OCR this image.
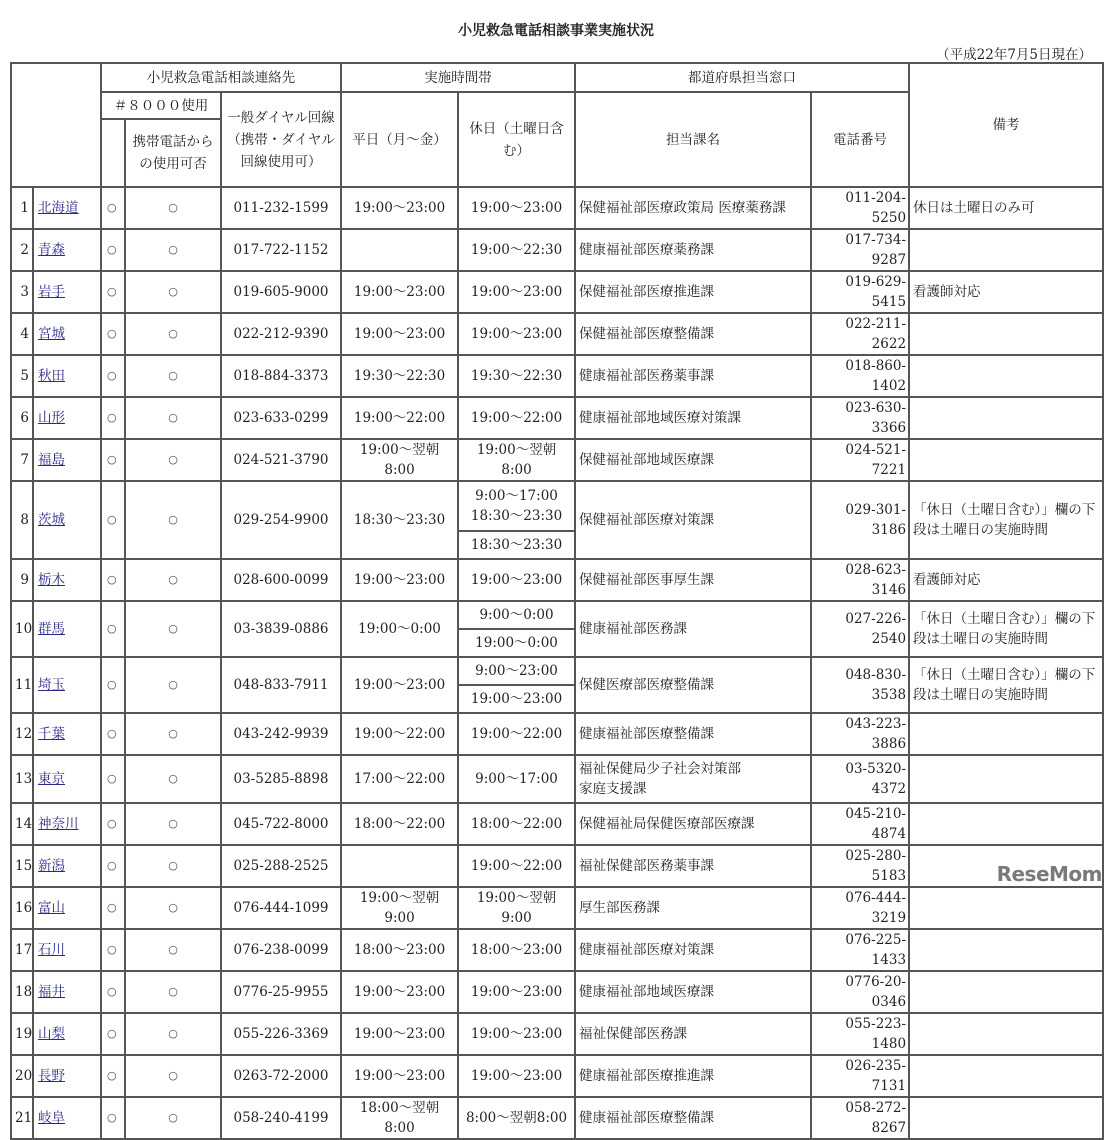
小児救急電話相談事業実施状況
（平成22年7月5日現在）
		小児救急電話相談連絡先			実施時間帯		都道府県担当窓口		備考
		＃８０００使用		一般ダイヤル回線（携帯・ダイヤル回線使用可）	平日（月～金）	休日（土曜日含む）	担当課名	電話番号	
			携帯電話からの使用可否						
1	北海道	○	○	011-232-1599	19:00～23:00	19:00～23:00	保健福祉部医療政策局 医療薬務課	011-204-5250	休日は土曜日のみ可
2	青森	○	○	017-722-1152		19:00～22:30	健康福祉部医療薬務課	017-734-9287	
3	岩手	○	○	019-605-9000	19:00～23:00	19:00～23:00	保健福祉部医療推進課	019-629-5415	看護師対応
4	宮城	○	○	022-212-9390	19:00～23:00	19:00～23:00	保健福祉部医療整備課	022-211-2622	
5	秋田	○	○	018-884-3373	19:30～22:30	19:30～22:30	健康福祉部医務薬事課	018-860-1402	
6	山形	○	○	023-633-0299	19:00～22:00	19:00～22:00	健康福祉部地域医療対策課	023-630-3366	
7	福島	○	○	024-521-3790	19:00～翌朝8:00	19:00～翌朝8:00	保健福祉部地域医療課	024-521-7221	
8	茨城	○	○	029-254-9900	18:30～23:30	9:00～17:00
18:30～23:30
18:30～23:30	保健福祉部医療対策課	029-301-3186	「休日（土曜日含む）」欄の下段は土曜日の実施時間
9	栃木	○	○	028-600-0099	19:00～23:00	19:00～23:00	保健福祉部医事厚生課	028-623-3146	看護師対応
10	群馬	○	○	03-3839-0886	19:00～0:00	9:00～0:00
19:00～0:00	健康福祉部医務課	027-226-2540	「休日（土曜日含む）」欄の下段は土曜日の実施時間
11	埼玉	○	○	048-833-7911	19:00～23:00	9:00～23:00
19:00～23:00	保健医療部医療整備課	048-830-3538	「休日（土曜日含む）」欄の下段は土曜日の実施時間
12	千葉	○	○	043-242-9939	19:00～22:00	19:00～22:00	健康福祉部医療整備課	043-223-3886	
13	東京	○	○	03-5285-8898	17:00～22:00	9:00～17:00	福祉保健局少子社会対策部
家庭支援課	03-5320-4372	
14	神奈川	○	○	045-722-8000	18:00～22:00	18:00～22:00	保健福祉局保健医療部医療課	045-210-4874	
15	新潟	○	○	025-288-2525		19:00～22:00	福祉保健部医務薬事課	025-280-5183	
16	富山	○	○	076-444-1099	19:00～翌朝9:00	19:00～翌朝9:00	厚生部医務課	076-444-3219	
17	石川	○	○	076-238-0099	18:00～23:00	18:00～23:00	健康福祉部医療対策課	076-225-1433	
18	福井	○	○	0776-25-9955	19:00～23:00	19:00～23:00	健康福祉部地域医療課	0776-20-0346	
19	山梨	○	○	055-226-3369	19:00～23:00	19:00～23:00	福祉保健部医務課	055-223-1480	
20	長野	○	○	0263-72-2000	19:00～23:00	19:00～23:00	健康福祉部医療推進課	026-235-7131	
21	岐阜	○	○	058-240-4199	18:00～翌朝8:00	8:00～翌朝8:00	健康福祉部医療整備課	058-272-8267	
ReseMom
